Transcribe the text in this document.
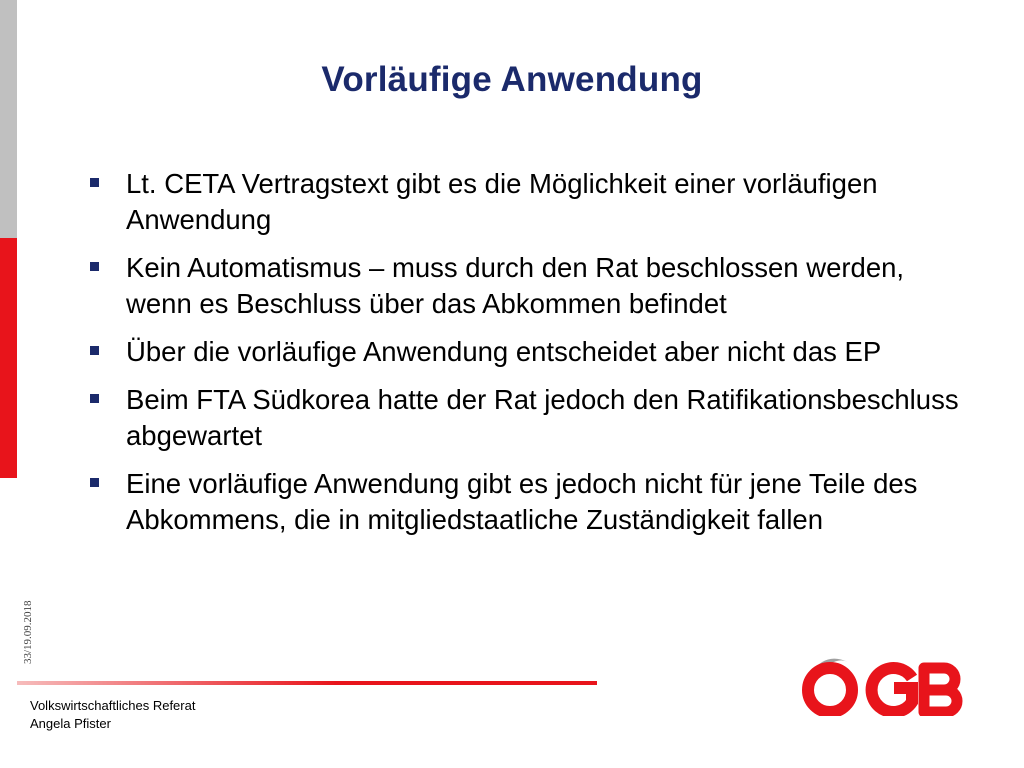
Vorläufige Anwendung
Lt. CETA Vertragstext gibt es die Möglichkeit einer vorläufigen Anwendung
Kein Automatismus – muss durch den Rat beschlossen werden, wenn es Beschluss über das Abkommen befindet
Über die vorläufige Anwendung entscheidet aber nicht das EP
Beim FTA Südkorea hatte der Rat jedoch den Ratifikationsbeschluss abgewartet
Eine vorläufige Anwendung gibt es jedoch nicht für jene Teile des Abkommens, die in mitgliedstaatliche Zuständigkeit fallen
33/19.09.2018
Volkswirtschaftliches Referat
Angela Pfister
